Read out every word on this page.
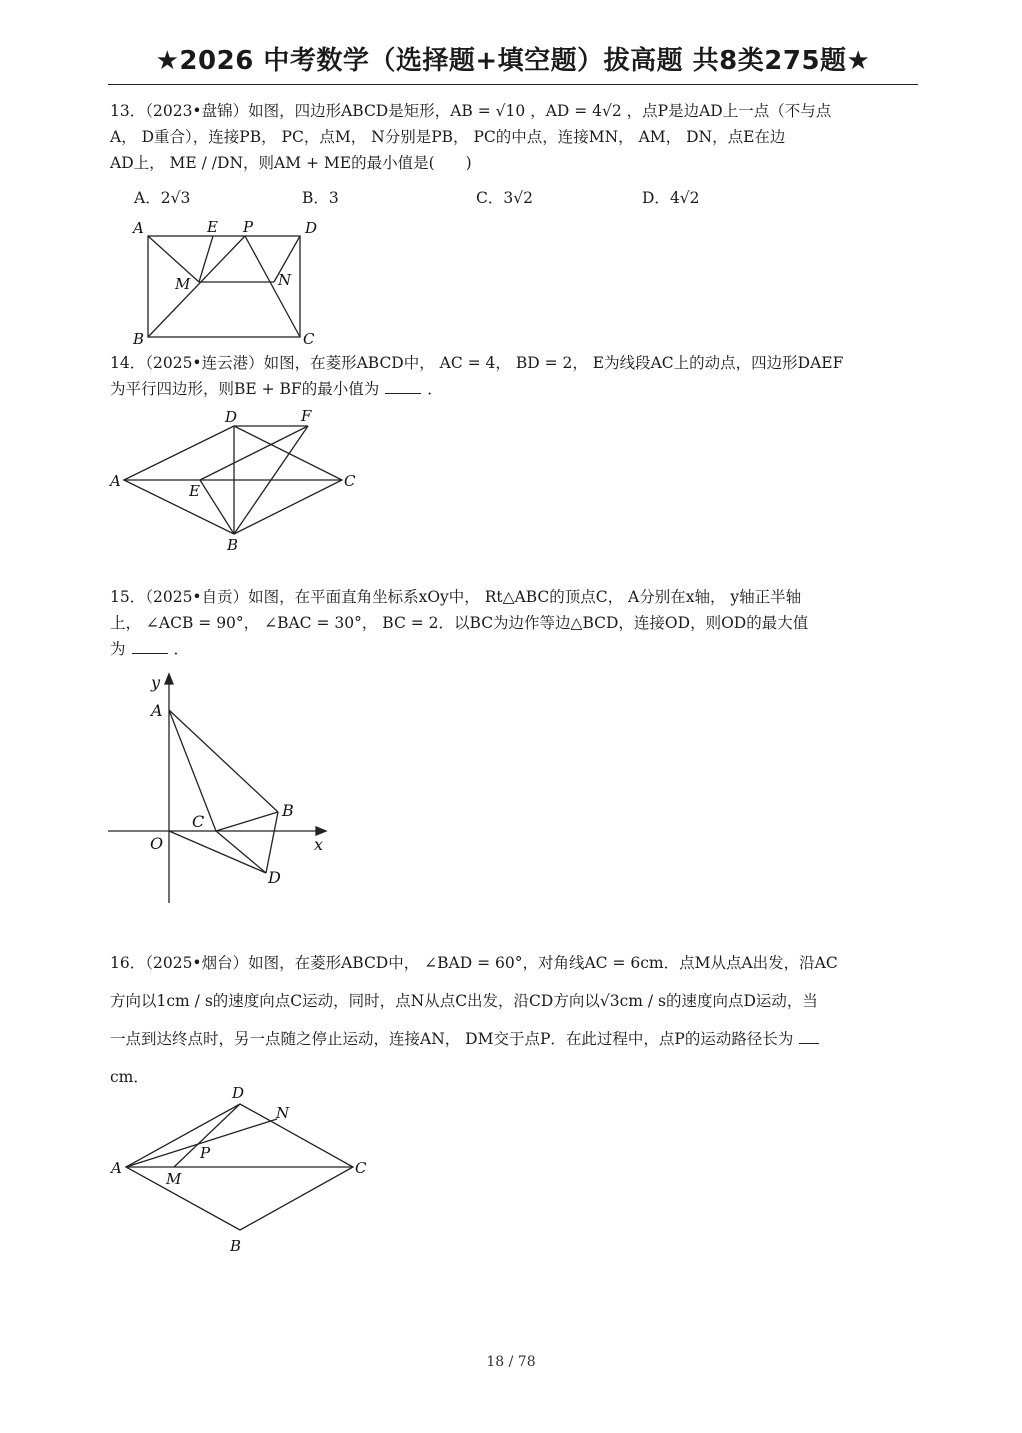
★2026 中考数学（选择题+填空题）拔高题 共8类275题★

13．（2023•盘锦）如图，四边形ABCD是矩形，AB = √10 ，AD = 4√2 ，点P是边AD上一点（不与点

A， D重合），连接PB， PC，点M， N分别是PB， PC的中点，连接MN， AM， DN，点E在边

AD上， ME / /DN，则AM + ME的最小值是(　　)

A．2√3	B．3	C．3√2	D．4√2
A	D
E P
M	N
B	C

14．（2025•连云港）如图，在菱形ABCD中， AC = 4， BD = 2， E为线段AC上的动点，四边形DAEF

为平行四边形，则BE + BF的最小值为	．

A
D	F
E
C
B

15．（2025•自贡）如图，在平面直角坐标系xOy中， Rt△ABC的顶点C， A分别在x轴， y轴正半轴

上， ∠ACB = 90°， ∠BAC = 30°， BC = 2．以BC为边作等边△BCD，连接OD，则OD的最大值

为	．

y
A
B
C
O	x
D

16．（2025•烟台）如图，在菱形ABCD中， ∠BAD = 60°，对角线AC = 6cm．点M从点A出发，沿AC

方向以1cm / s的速度向点C运动，同时，点N从点C出发，沿CD方向以√3cm / s的速度向点D运动，当

一点到达终点时，另一点随之停止运动，连接AN， DM交于点P．在此过程中，点P的运动路径长为

cm．

A
D
N
P
M
C
B
18 / 78
